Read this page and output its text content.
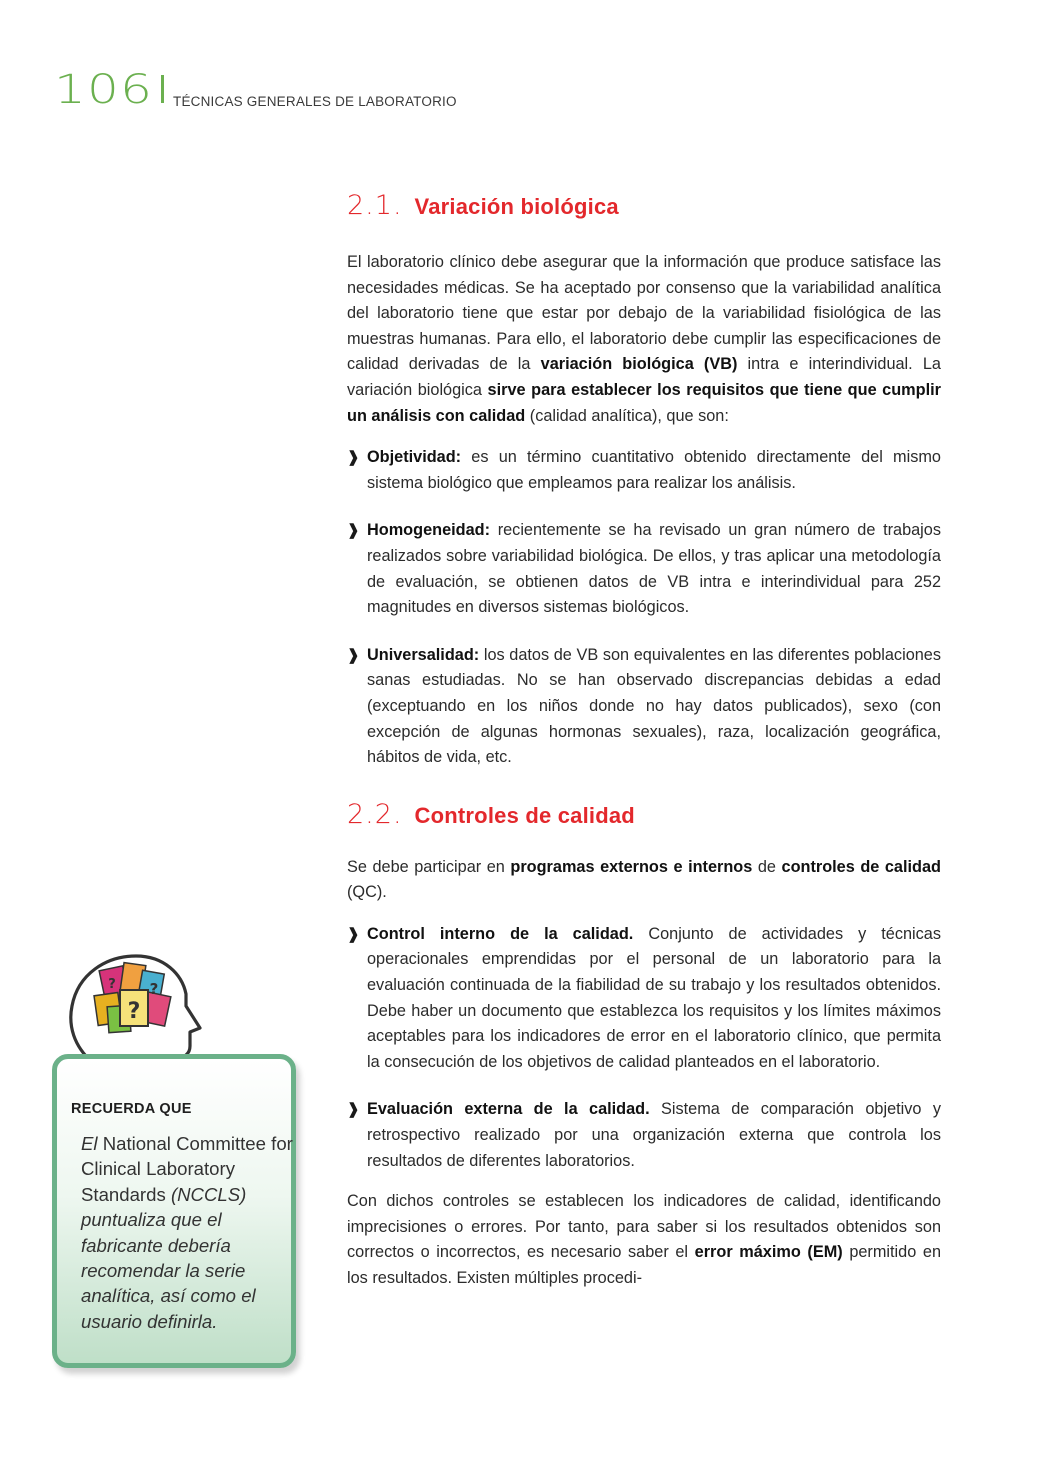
106 TÉCNICAS GENERALES DE LABORATORIO
2.1. Variación biológica

El laboratorio clínico debe asegurar que la información que produce satisface las necesidades médicas. Se ha aceptado por consenso que la variabilidad analítica del laboratorio tiene que estar por debajo de la variabilidad fisiológica de las muestras humanas. Para ello, el laboratorio debe cumplir las especificaciones de calidad derivadas de la variación biológica (VB) intra e interindividual. La variación biológica sirve para establecer los requisitos que tiene que cumplir un análisis con calidad (calidad analítica), que son:

❱ Objetividad: es un término cuantitativo obtenido directamente del mismo sistema biológico que empleamos para realizar los análisis.
❱ Homogeneidad: recientemente se ha revisado un gran número de trabajos realizados sobre variabilidad biológica. De ellos, y tras aplicar una metodología de evaluación, se obtienen datos de VB intra e interindividual para 252 magnitudes en diversos sistemas biológicos.
❱ Universalidad: los datos de VB son equivalentes en las diferentes poblaciones sanas estudiadas. No se han observado discrepancias debidas a edad (exceptuando en los niños donde no hay datos publicados), sexo (con excepción de algunas hormonas sexuales), raza, localización geográfica, hábitos de vida, etc.
2.2. Controles de calidad

Se debe participar en programas externos e internos de controles de calidad (QC).

❱ Control interno de la calidad. Conjunto de actividades y técnicas operacionales emprendidas por el personal de un laboratorio para la evaluación continuada de la fiabilidad de su trabajo y los resultados obtenidos. Debe haber un documento que establezca los requisitos y los límites máximos aceptables para los indicadores de error en el laboratorio clínico, que permita la consecución de los objetivos de calidad planteados en el laboratorio.
❱ Evaluación externa de la calidad. Sistema de comparación objetivo y retrospectivo realizado por una organización externa que controla los resultados de diferentes laboratorios.

Con dichos controles se establecen los indicadores de calidad, identificando imprecisiones o errores. Por tanto, para saber si los resultados obtenidos son correctos o incorrectos, es necesario saber el error máximo (EM) permitido en los resultados. Existen múltiples procedi-

?
?
?
RECUERDA QUE
El National Committee for Clinical Laboratory Standards (NCCLS) puntualiza que el fabricante debería recomendar la serie analítica, así como el usuario definirla.
